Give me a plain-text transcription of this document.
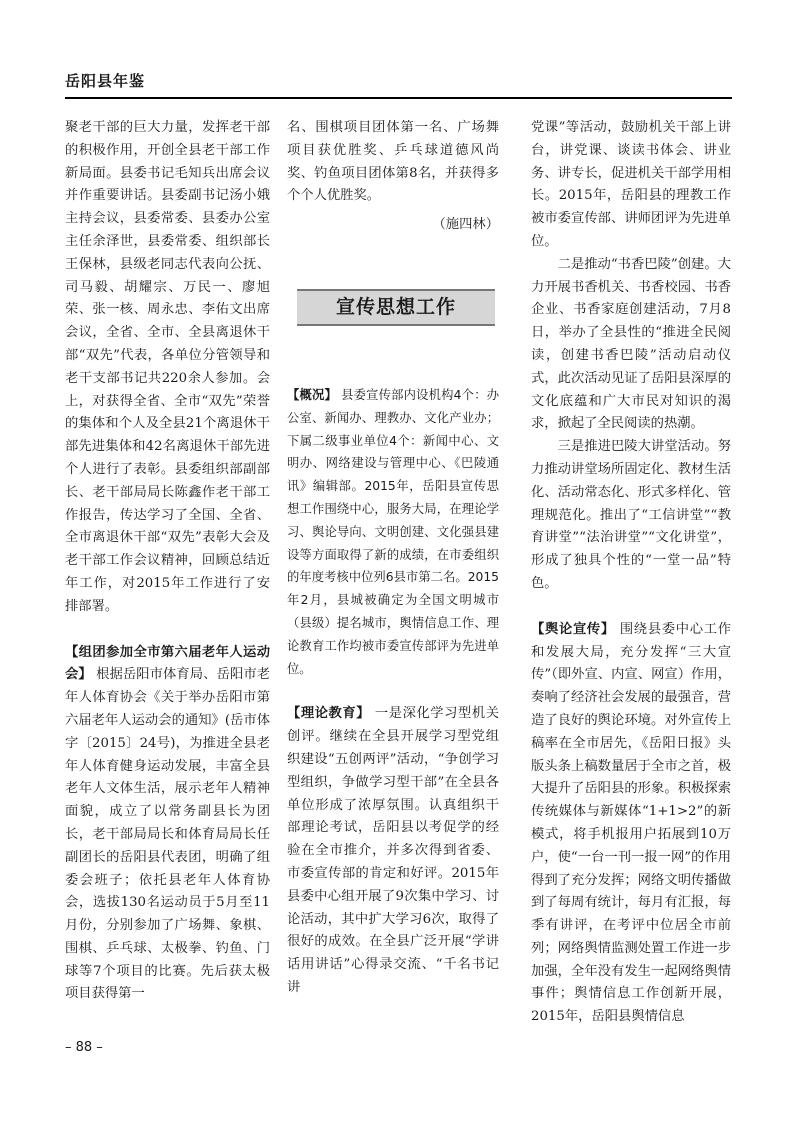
岳阳县年鉴

聚老干部的巨大力量，发挥老干部的积极作用，开创全县老干部工作新局面。县委书记毛知兵出席会议并作重要讲话。县委副书记汤小娥主持会议，县委常委、县委办公室主任余泽世，县委常委、组织部长王保林，县级老同志代表向公抚、司马毅、胡耀宗、万民一、廖旭荣、张一核、周永忠、李佑文出席会议，全省、全市、全县离退休干部“双先”代表，各单位分管领导和老干支部书记共220余人参加。会上，对获得全省、全市“双先”荣誉的集体和个人及全县21个离退休干部先进集体和42名离退休干部先进个人进行了表彰。县委组织部副部长、老干部局局长陈鑫作老干部工作报告，传达学习了全国、全省、全市离退休干部“双先”表彰大会及老干部工作会议精神，回顾总结近年工作，对2015年工作进行了安排部署。

【组团参加全市第六届老年人运动会】 根据岳阳市体育局、岳阳市老年人体育协会《关于举办岳阳市第六届老年人运动会的通知》(岳市体字〔2015〕24号)，为推进全县老年人体育健身运动发展，丰富全县老年人文体生活，展示老年人精神面貌，成立了以常务副县长为团长，老干部局局长和体育局局长任副团长的岳阳县代表团，明确了组委会班子；依托县老年人体育协会，选拔130名运动员于5月至11月份，分别参加了广场舞、象棋、围棋、乒乓球、太极拳、钓鱼、门球等7个项目的比赛。先后获太极项目获得第一

名、围棋项目团体第一名、广场舞项目获优胜奖、乒乓球道德风尚奖、钓鱼项目团体第8名，并获得多个个人优胜奖。

（施四林）

宣传思想工作

【概况】 县委宣传部内设机构4个：办公室、新闻办、理教办、文化产业办；下属二级事业单位4个：新闻中心、文明办、网络建设与管理中心、《巴陵通讯》编辑部。2015年，岳阳县宣传思想工作围绕中心，服务大局，在理论学习、舆论导向、文明创建、文化强县建设等方面取得了新的成绩，在市委组织的年度考核中位列6县市第二名。2015年2月，县城被确定为全国文明城市（县级）提名城市，舆情信息工作、理论教育工作均被市委宣传部评为先进单位。

【理论教育】 一是深化学习型机关创评。继续在全县开展学习型党组织建设“五创两评”活动，“争创学习型组织，争做学习型干部”在全县各单位形成了浓厚氛围。认真组织干部理论考试，岳阳县以考促学的经验在全市推介，并多次得到省委、市委宣传部的肯定和好评。2015年县委中心组开展了9次集中学习、讨论活动，其中扩大学习6次，取得了很好的成效。在全县广泛开展“学讲话用讲话”心得录交流、“千名书记讲

党课”等活动，鼓励机关干部上讲台，讲党课、谈读书体会、讲业务、讲专长，促进机关干部学用相长。2015年，岳阳县的理教工作被市委宣传部、讲师团评为先进单位。

二是推动“书香巴陵”创建。大力开展书香机关、书香校园、书香企业、书香家庭创建活动，7月8日，举办了全县性的“推进全民阅读，创建书香巴陵”活动启动仪式，此次活动见证了岳阳县深厚的文化底蕴和广大市民对知识的渴求，掀起了全民阅读的热潮。

三是推进巴陵大讲堂活动。努力推动讲堂场所固定化、教材生活化、活动常态化、形式多样化、管理规范化。推出了“工信讲堂”“教育讲堂”“法治讲堂”“文化讲堂”，形成了独具个性的“一堂一品”特色。

【舆论宣传】 围绕县委中心工作和发展大局，充分发挥“三大宣传”（即外宣、内宣、网宣）作用，奏响了经济社会发展的最强音，营造了良好的舆论环境。对外宣传上稿率在全市居先，《岳阳日报》头版头条上稿数量居于全市之首，极大提升了岳阳县的形象。积极探索传统媒体与新媒体“1+1>2”的新模式，将手机报用户拓展到10万户，使“一台一刊一报一网”的作用得到了充分发挥；网络文明传播做到了每周有统计，每月有汇报，每季有讲评，在考评中位居全市前列；网络舆情监测处置工作进一步加强，全年没有发生一起网络舆情事件；舆情信息工作创新开展，2015年，岳阳县舆情信息

– 88 –
